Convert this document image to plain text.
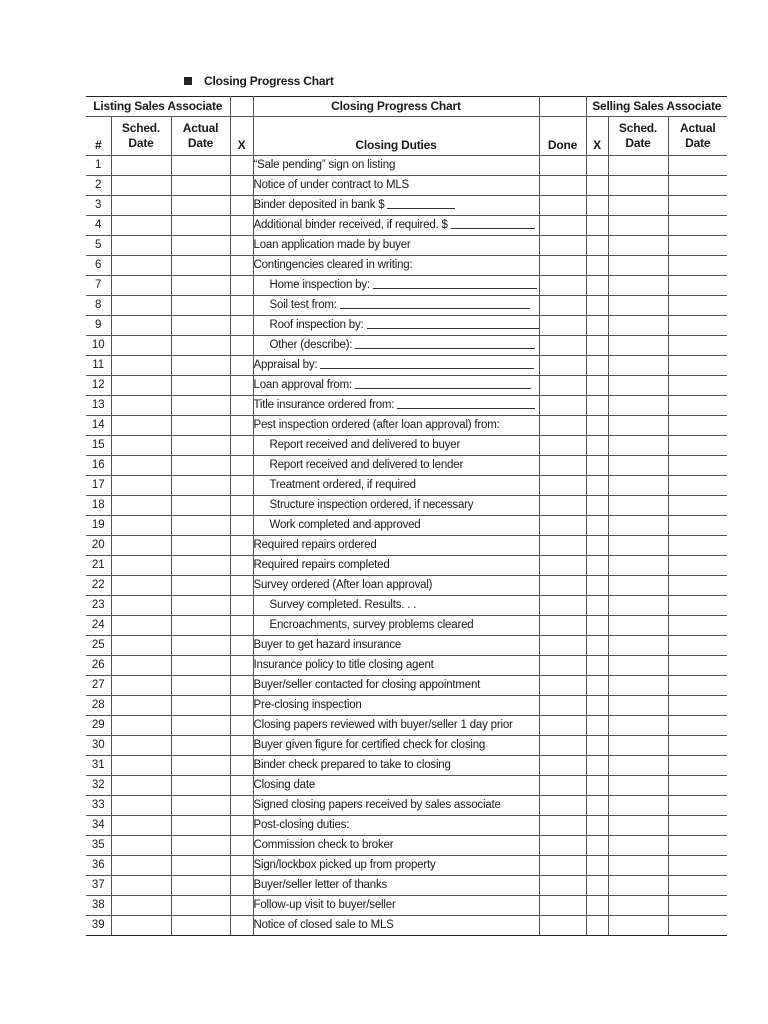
Closing Progress Chart
Listing Sales Associate				Closing Progress Chart		Selling Sales Associate		
#	Sched. Date	Actual Date	X	Closing Duties	Done	X	Sched. Date	Actual Date
1				“Sale pending” sign on listing				
2				Notice of under contract to MLS				
3				Binder deposited in bank $				
4				Additional binder received, if required. $				
5				Loan application made by buyer				
6				Contingencies cleared in writing:				
7				Home inspection by:				
8				Soil test from:				
9				Roof inspection by:				
10				Other (describe):				
11				Appraisal by:				
12				Loan approval from:				
13				Title insurance ordered from:				
14				Pest inspection ordered (after loan approval) from:				
15				Report received and delivered to buyer				
16				Report received and delivered to lender				
17				Treatment ordered, if required				
18				Structure inspection ordered, if necessary				
19				Work completed and approved				
20				Required repairs ordered				
21				Required repairs completed				
22				Survey ordered (After loan approval)				
23				Survey completed. Results. . .				
24				Encroachments, survey problems cleared				
25				Buyer to get hazard insurance				
26				Insurance policy to title closing agent				
27				Buyer/seller contacted for closing appointment				
28				Pre-closing inspection				
29				Closing papers reviewed with buyer/seller 1 day prior				
30				Buyer given figure for certified check for closing				
31				Binder check prepared to take to closing				
32				Closing date				
33				Signed closing papers received by sales associate				
34				Post-closing duties:				
35				Commission check to broker				
36				Sign/lockbox picked up from property				
37				Buyer/seller letter of thanks				
38				Follow-up visit to buyer/seller				
39				Notice of closed sale to MLS				
